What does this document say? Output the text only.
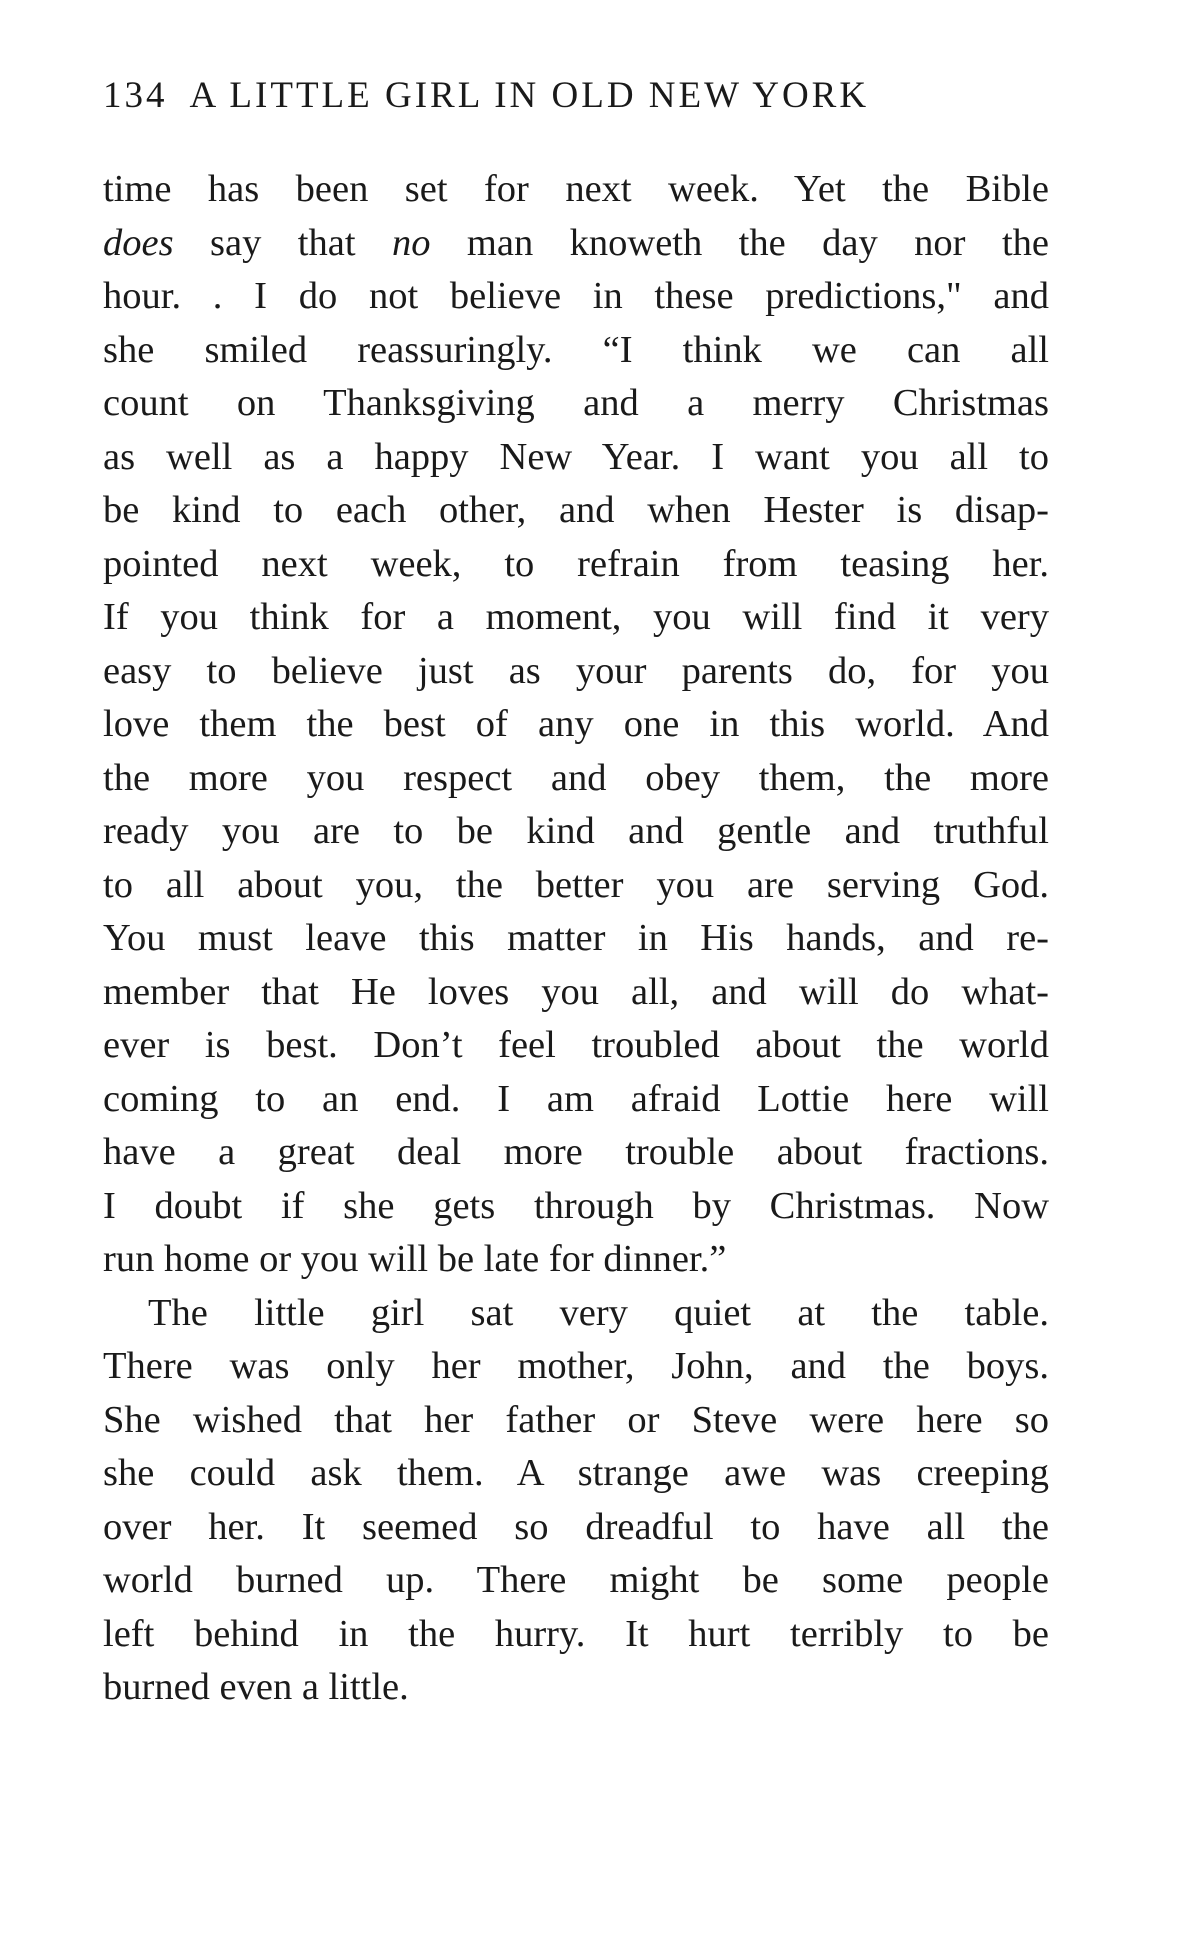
134 A LITTLE GIRL IN OLD NEW YORK
time has been set for next week. Yet the Bible
does say that no man knoweth the day nor the
hour. . I do not believe in these predictions," and
she smiled reassuringly. “I think we can all
count on Thanksgiving and a merry Christmas
as well as a happy New Year. I want you all to
be kind to each other, and when Hester is disap-
pointed next week, to refrain from teasing her.
If you think for a moment, you will find it very
easy to believe just as your parents do, for you
love them the best of any one in this world. And
the more you respect and obey them, the more
ready you are to be kind and gentle and truthful
to all about you, the better you are serving God.
You must leave this matter in His hands, and re-
member that He loves you all, and will do what-
ever is best. Don’t feel troubled about the world
coming to an end. I am afraid Lottie here will
have a great deal more trouble about fractions.
I doubt if she gets through by Christmas. Now
run home or you will be late for dinner.”
The little girl sat very quiet at the table.
There was only her mother, John, and the boys.
She wished that her father or Steve were here so
she could ask them. A strange awe was creeping
over her. It seemed so dreadful to have all the
world burned up. There might be some people
left behind in the hurry. It hurt terribly to be
burned even a little.
